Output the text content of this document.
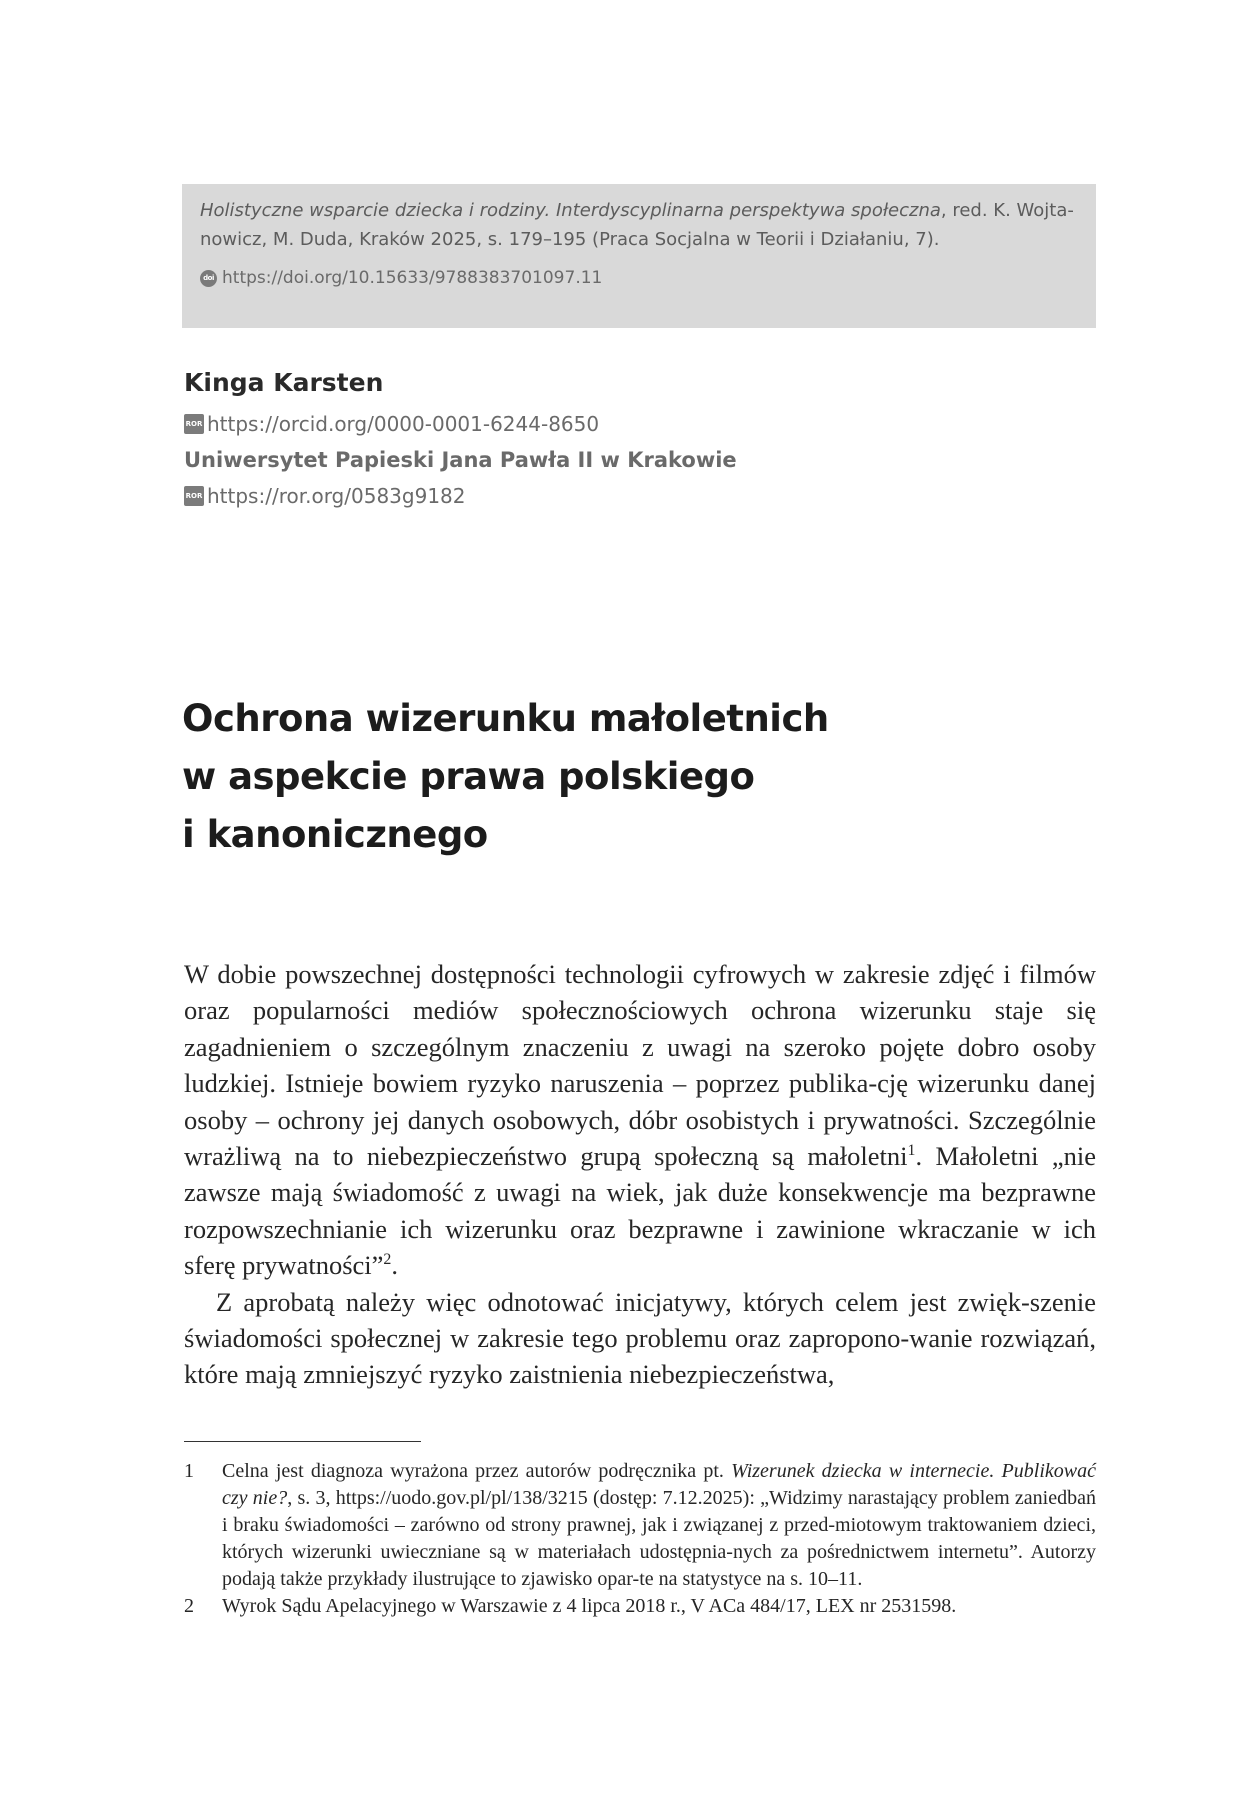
Holistyczne wsparcie dziecka i rodziny. Interdyscyplinarna perspektywa społeczna, red. K. Wojta-nowicz, M. Duda, Kraków 2025, s. 179–195 (Praca Socjalna w Teorii i Działaniu, 7).

doi https://doi.org/10.15633/9788383701097.11
Kinga Karsten
ROR https://orcid.org/0000-0001-6244-8650
Uniwersytet Papieski Jana Pawła II w Krakowie
ROR https://ror.org/0583g9182
Ochrona wizerunku małoletnich
w aspekcie prawa polskiego
i kanonicznego

W dobie powszechnej dostępności technologii cyfrowych w zakresie zdjęć i filmów oraz popularności mediów społecznościowych ochrona wizerunku staje się zagadnieniem o szczególnym znaczeniu z uwagi na szeroko pojęte dobro osoby ludzkiej. Istnieje bowiem ryzyko naruszenia – poprzez publika-cję wizerunku danej osoby – ochrony jej danych osobowych, dóbr osobistych i prywatności. Szczególnie wrażliwą na to niebezpieczeństwo grupą społeczną są małoletni$^1$. Małoletni „nie zawsze mają świadomość z uwagi na wiek, jak duże konsekwencje ma bezprawne rozpowszechnianie ich wizerunku oraz bezprawne i zawinione wkraczanie w ich sferę prywatności”$^2$.

Z aprobatą należy więc odnotować inicjatywy, których celem jest zwięk-szenie świadomości społecznej w zakresie tego problemu oraz zapropono-wanie rozwiązań, które mają zmniejszyć ryzyko zaistnienia niebezpieczeństwa,

1	Celna jest diagnoza wyrażona przez autorów podręcznika pt. Wizerunek dziecka w internecie. Publikować czy nie?, s. 3, https://uodo.gov.pl/pl/138/3215 (dostęp: 7.12.2025): „Widzimy narastający problem zaniedbań i braku świadomości – zarówno od strony prawnej, jak i związanej z przed-miotowym traktowaniem dzieci, których wizerunki uwieczniane są w materiałach udostępnia-nych za pośrednictwem internetu”. Autorzy podają także przykłady ilustrujące to zjawisko opar-te na statystyce na s. 10–11.
2	Wyrok Sądu Apelacyjnego w Warszawie z 4 lipca 2018 r., V ACa 484/17, LEX nr 2531598.
